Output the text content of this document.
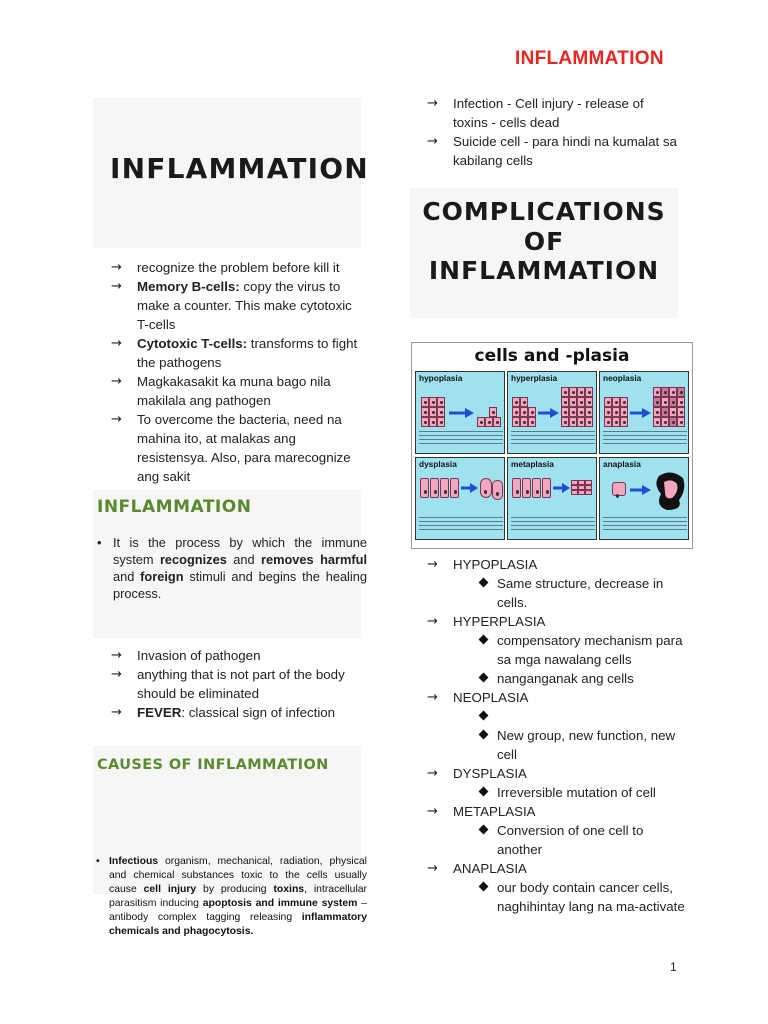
INFLAMMATION
INFLAMMATION
→ recognize the problem before kill it
→ Memory B-cells: copy the virus to make a counter. This make cytotoxic T-cells
→ Cytotoxic T-cells: transforms to fight the pathogens
→ Magkakasakit ka muna bago nila makilala ang pathogen
→ To overcome the bacteria, need na mahina ito, at malakas ang resistensya. Also, para marecognize ang sakit
INFLAMMATION
• It is the process by which the immune system recognizes and removes harmful and foreign stimuli and begins the healing process.
→ Invasion of pathogen
→ anything that is not part of the body should be eliminated
→ FEVER: classical sign of infection
CAUSES OF INFLAMMATION
• Infectious organism, mechanical, radiation, physical and chemical substances toxic to the cells usually cause cell injury by producing toxins, intracellular parasitism inducing apoptosis and immune system – antibody complex tagging releasing inflammatory chemicals and phagocytosis.
→ Infection - Cell injury - release of toxins - cells dead
→ Suicide cell - para hindi na kumalat sa kabilang cells
COMPLICATIONS
OF
INFLAMMATION
cells and -plasia
hypoplasia	hyperplasia	neoplasia
dysplasia	metaplasia	anaplasia
→ HYPOPLASIA
Same structure, decrease in cells.
→ HYPERPLASIA
compensatory mechanism para sa mga nawalang cells
nanganganak ang cells
→ NEOPLASIA
New group, new function, new cell
→ DYSPLASIA
Irreversible mutation of cell
→ METAPLASIA
Conversion of one cell to another
→ ANAPLASIA
our body contain cancer cells, naghihintay lang na ma-activate
1
